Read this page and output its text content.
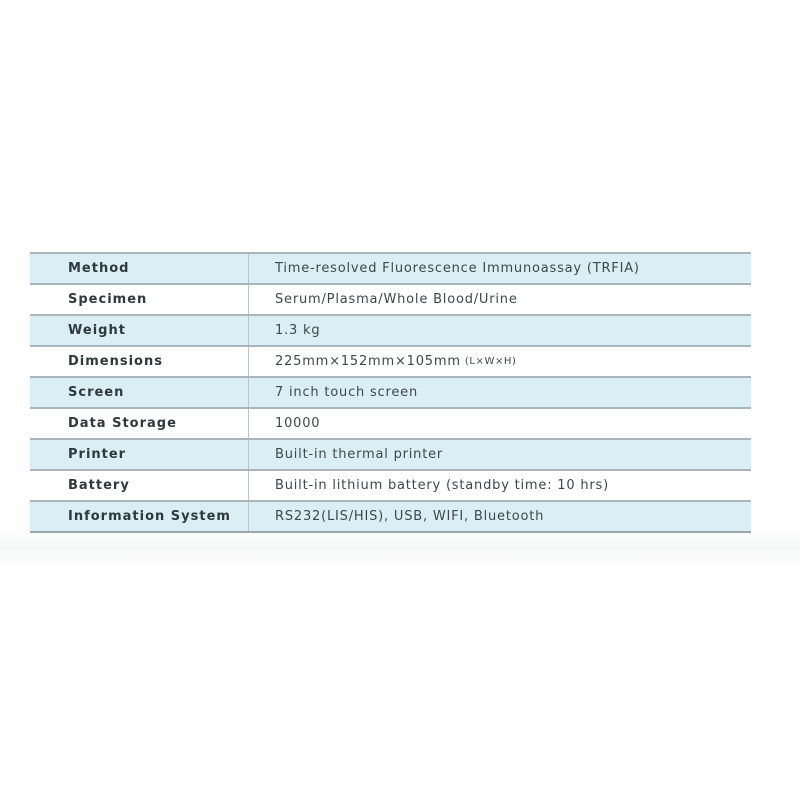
Method	Time-resolved Fluorescence Immunoassay (TRFIA)
Specimen	Serum/Plasma/Whole Blood/Urine
Weight	1.3 kg
Dimensions	225mm×152mm×105mm (L×W×H)
Screen	7 inch touch screen
Data Storage	10000
Printer	Built-in thermal printer
Battery	Built-in lithium battery (standby time: 10 hrs)
Information System	RS232(LIS/HIS), USB, WIFI, Bluetooth
